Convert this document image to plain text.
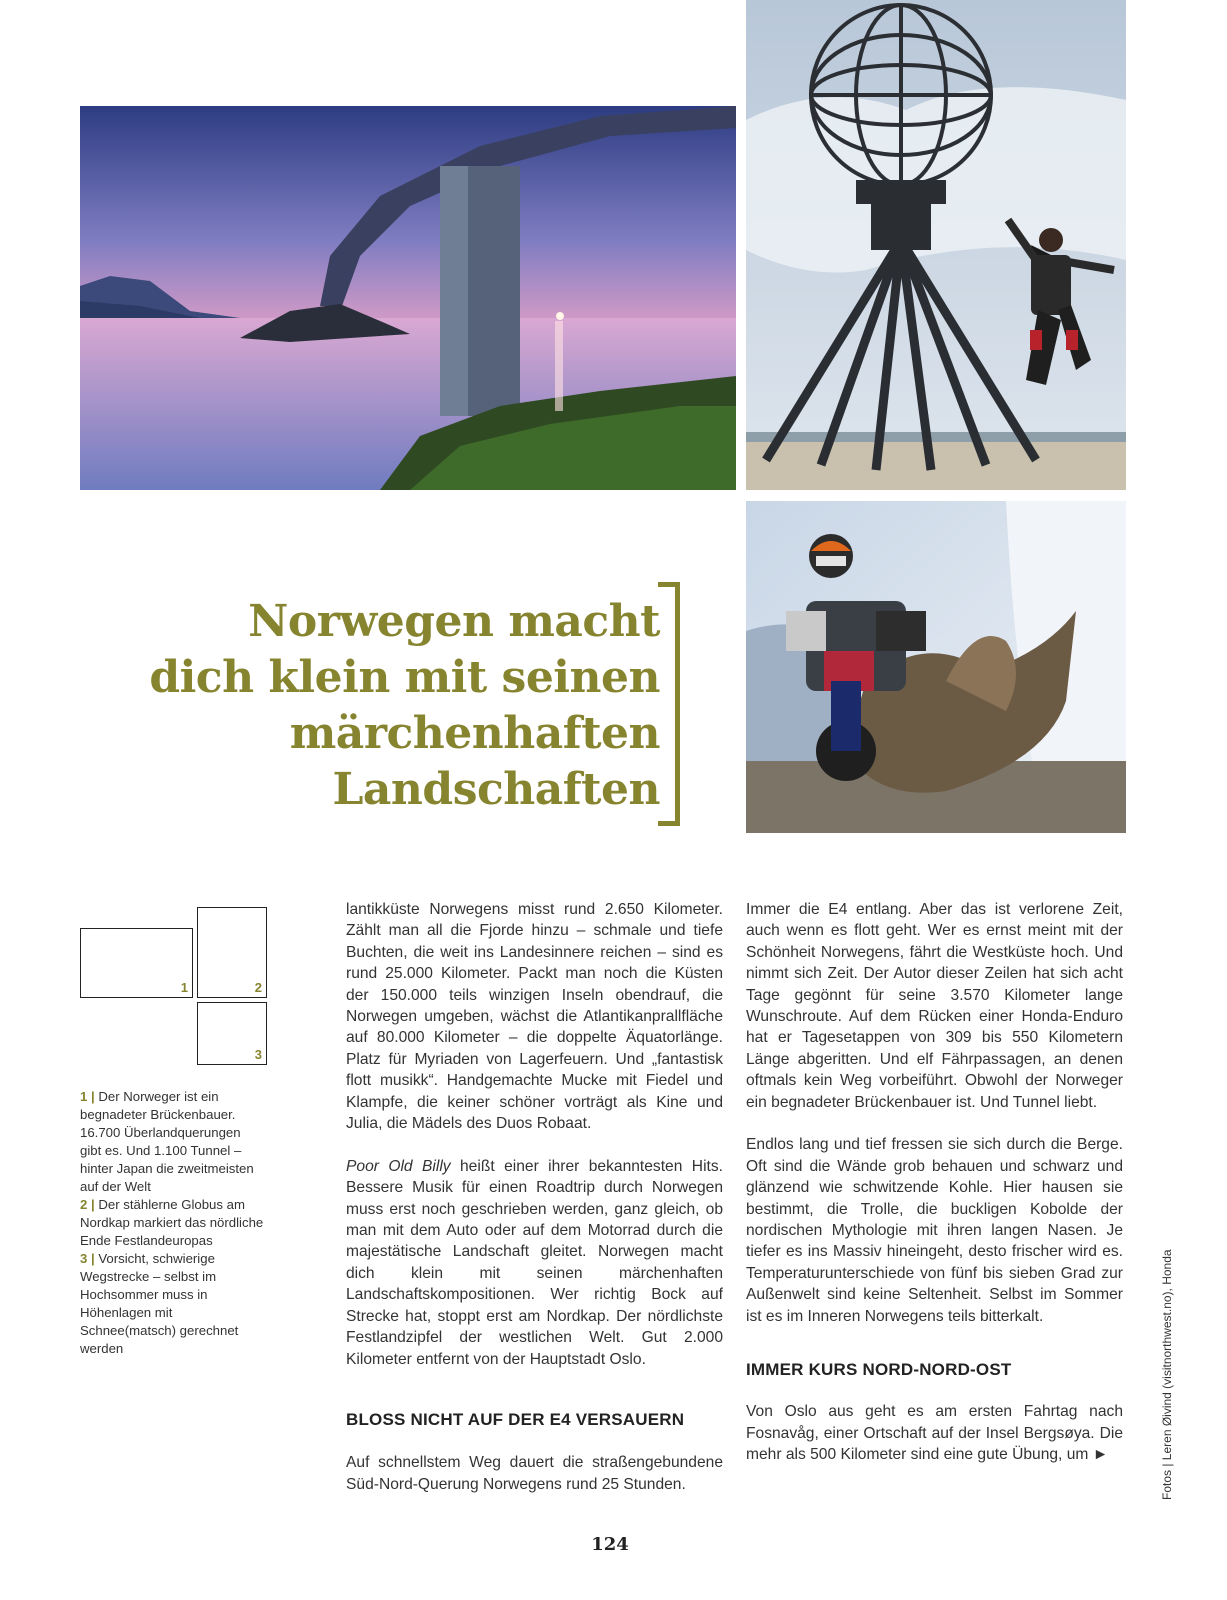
Norwegen macht
dich klein mit seinen
märchenhaften
Landschaften
1	2
3

1 | Der Norweger ist ein begnadeter Brückenbauer. 16.700 Überlandquerungen gibt es. Und 1.100 Tunnel – hinter Japan die zweitmeisten auf der Welt

2 | Der stählerne Globus am Nordkap markiert das nördliche Ende Festlandeuropas

3 | Vorsicht, schwierige Wegstrecke – selbst im Hochsommer muss in Höhenlagen mit Schnee(matsch) gerechnet werden

lantikküste Norwegens misst rund 2.650 Kilometer. Zählt man all die Fjorde hinzu – schmale und tiefe Buchten, die weit ins Landesinnere reichen – sind es rund 25.000 Kilometer. Packt man noch die Küsten der 150.000 teils winzigen Inseln obendrauf, die Norwegen umgeben, wächst die Atlantikanprallfläche auf 80.000 Kilometer – die doppelte Äquatorlänge. Platz für Myriaden von Lagerfeuern. Und „fantastisk flott musikk“. Handgemachte Mucke mit Fiedel und Klampfe, die keiner schöner vorträgt als Kine und Julia, die Mädels des Duos Robaat.

Poor Old Billy heißt einer ihrer bekanntesten Hits. Bessere Musik für einen Roadtrip durch Norwegen muss erst noch geschrieben werden, ganz gleich, ob man mit dem Auto oder auf dem Motorrad durch die majestätische Landschaft gleitet. Norwegen macht dich klein mit seinen märchenhaften Landschaftskompositionen. Wer richtig Bock auf Strecke hat, stoppt erst am Nordkap. Der nördlichste Festlandzipfel der westlichen Welt. Gut 2.000 Kilometer entfernt von der Hauptstadt Oslo.

BLOSS NICHT AUF DER E4 VERSAUERN

Auf schnellstem Weg dauert die straßengebundene Süd-Nord-Querung Norwegens rund 25 Stunden.

Immer die E4 entlang. Aber das ist verlorene Zeit, auch wenn es flott geht. Wer es ernst meint mit der Schönheit Norwegens, fährt die Westküste hoch. Und nimmt sich Zeit. Der Autor dieser Zeilen hat sich acht Tage gegönnt für seine 3.570 Kilometer lange Wunschroute. Auf dem Rücken einer Honda-Enduro hat er Tagesetappen von 309 bis 550 Kilometern Länge abgeritten. Und elf Fährpassagen, an denen oftmals kein Weg vorbeiführt. Obwohl der Norweger ein begnadeter Brückenbauer ist. Und Tunnel liebt.

Endlos lang und tief fressen sie sich durch die Berge. Oft sind die Wände grob behauen und schwarz und glänzend wie schwitzende Kohle. Hier hausen sie bestimmt, die Trolle, die buckligen Kobolde der nordischen Mythologie mit ihren langen Nasen. Je tiefer es ins Massiv hineingeht, desto frischer wird es. Temperaturunterschiede von fünf bis sieben Grad zur Außenwelt sind keine Seltenheit. Selbst im Sommer ist es im Inneren Norwegens teils bitterkalt.

IMMER KURS NORD-NORD-OST

Von Oslo aus geht es am ersten Fahrtag nach Fosnavåg, einer Ortschaft auf der Insel Bergsøya. Die mehr als 500 Kilometer sind eine gute Übung, um ►

124
Fotos | Leren Øivind (visitnorthwest.no), Honda
